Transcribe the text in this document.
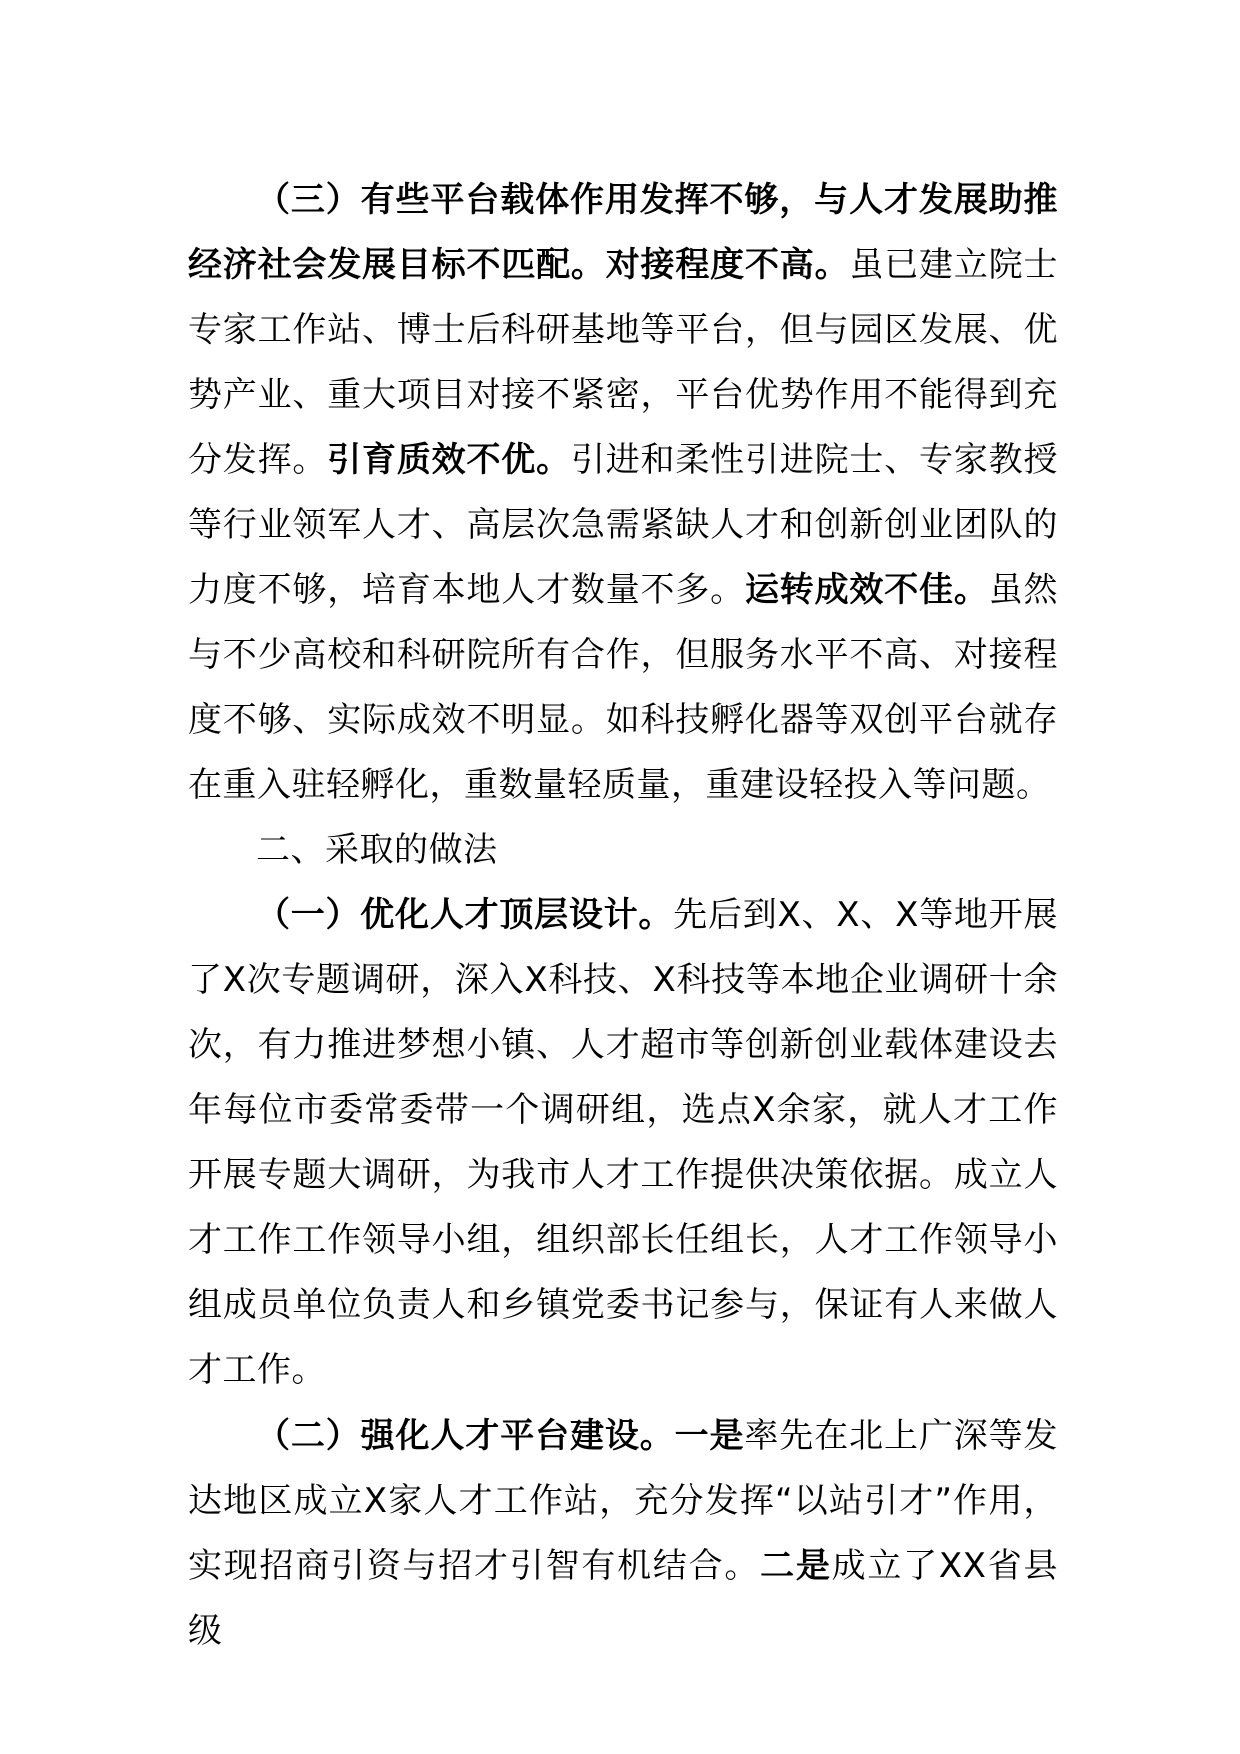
（三）有些平台载体作用发挥不够，与人才发展助推经济社会发展目标不匹配。对接程度不高。虽已建立院士专家工作站、博士后科研基地等平台，但与园区发展、优势产业、重大项目对接不紧密，平台优势作用不能得到充分发挥。引育质效不优。引进和柔性引进院士、专家教授等行业领军人才、高层次急需紧缺人才和创新创业团队的力度不够，培育本地人才数量不多。运转成效不佳。虽然与不少高校和科研院所有合作，但服务水平不高、对接程度不够、实际成效不明显。如科技孵化器等双创平台就存在重入驻轻孵化，重数量轻质量，重建设轻投入等问题。

二、采取的做法

（一）优化人才顶层设计。先后到X、X、X等地开展了X次专题调研，深入X科技、X科技等本地企业调研十余次，有力推进梦想小镇、人才超市等创新创业载体建设去年每位市委常委带一个调研组，选点X余家，就人才工作开展专题大调研，为我市人才工作提供决策依据。成立人才工作工作领导小组，组织部长任组长，人才工作领导小组成员单位负责人和乡镇党委书记参与，保证有人来做人才工作。

（二）强化人才平台建设。一是率先在北上广深等发达地区成立X家人才工作站，充分发挥“以站引才”作用，实现招商引资与招才引智有机结合。二是成立了XX省县级
